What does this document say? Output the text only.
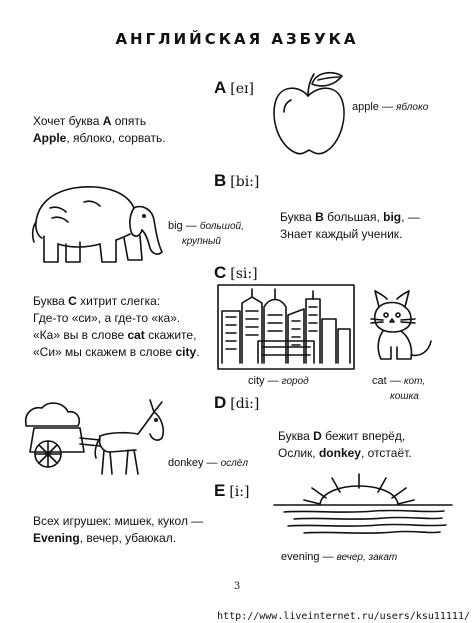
АНГЛИЙСКАЯ АЗБУКА
A [eɪ]
Хочет буква A опять
Apple, яблоко, сорвать.
apple — яблоко
B [bi:]
big — большой,
крупный
Буква B большая, big, —
Знает каждый ученик.
C [si:]
Буква C хитрит слегка:
Где-то «си», а где-то «ка».
«Ка» вы в слове cat скажите,
«Си» мы скажем в слове city.
city — город	cat — кот,
кошка
D [di:]
donkey — ослёл
Буква D бежит вперёд,
Ослик, donkey, отстаёт.
E [i:]
Всех игрушек: мишек, кукол —
Evening, вечер, убаюкал.
evening — вечер, закат
3
http://www.liveinternet.ru/users/ksu11111/
